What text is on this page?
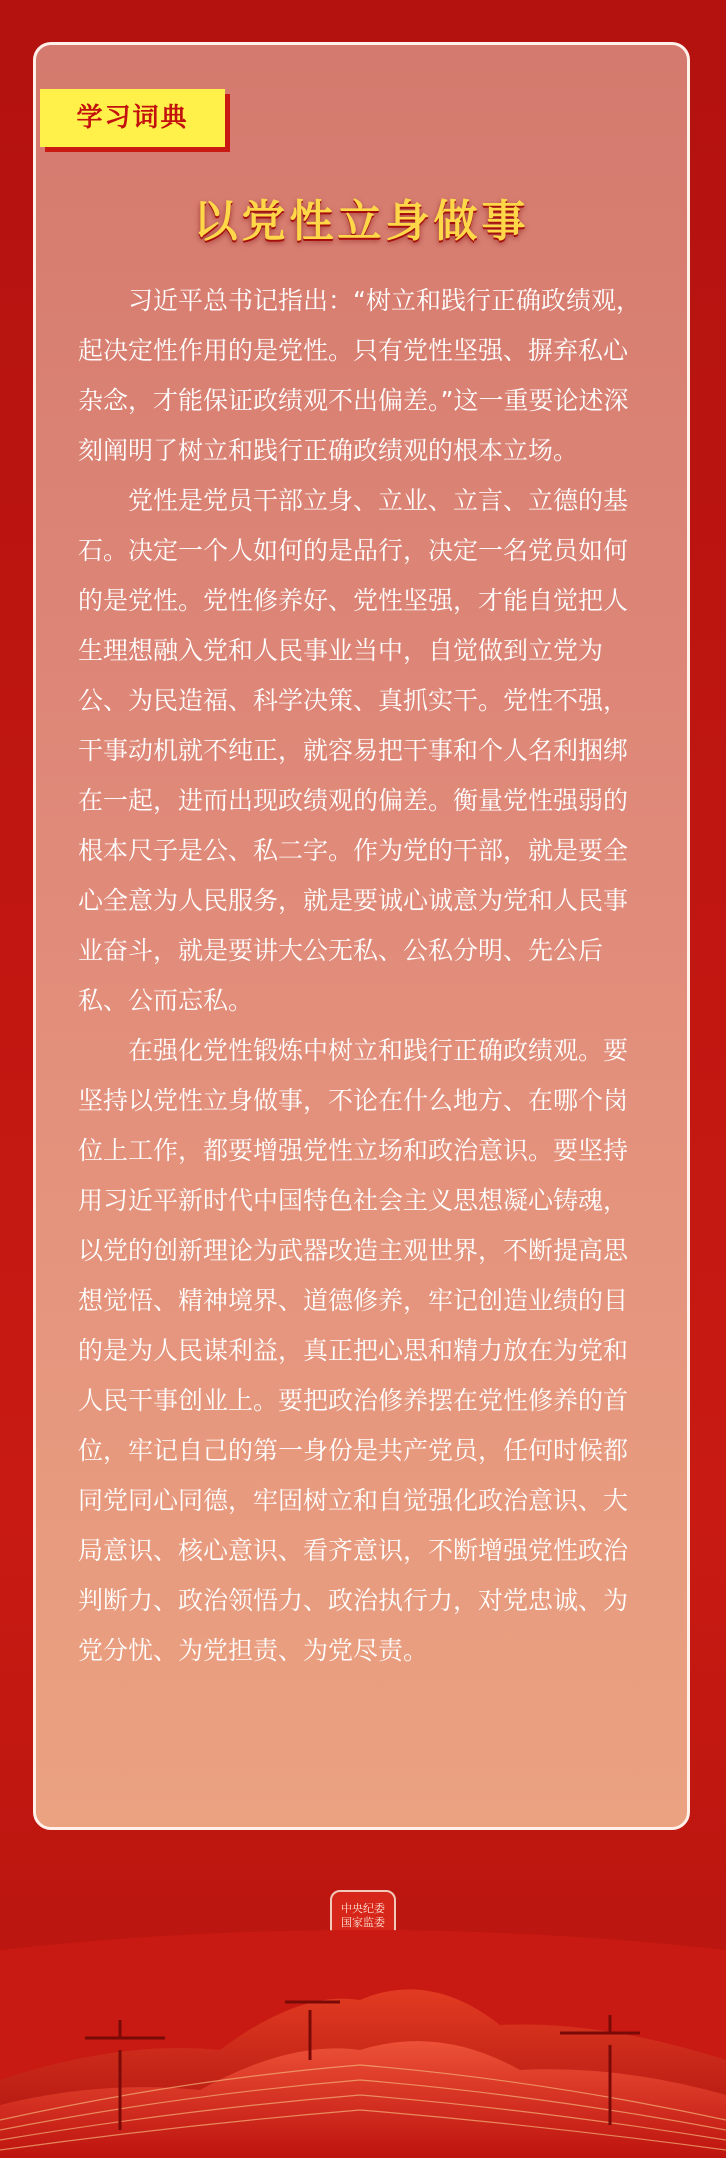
学习词典
以党性立身做事

习近平总书记指出：“树立和践行正确政绩观，起决定性作用的是党性。只有党性坚强、摒弃私心杂念，才能保证政绩观不出偏差。”这一重要论述深刻阐明了树立和践行正确政绩观的根本立场。

党性是党员干部立身、立业、立言、立德的基石。决定一个人如何的是品行，决定一名党员如何的是党性。党性修养好、党性坚强，才能自觉把人生理想融入党和人民事业当中，自觉做到立党为公、为民造福、科学决策、真抓实干。党性不强，干事动机就不纯正，就容易把干事和个人名利捆绑在一起，进而出现政绩观的偏差。衡量党性强弱的根本尺子是公、私二字。作为党的干部，就是要全心全意为人民服务，就是要诚心诚意为党和人民事业奋斗，就是要讲大公无私、公私分明、先公后私、公而忘私。

在强化党性锻炼中树立和践行正确政绩观。要坚持以党性立身做事，不论在什么地方、在哪个岗位上工作，都要增强党性立场和政治意识。要坚持用习近平新时代中国特色社会主义思想凝心铸魂，以党的创新理论为武器改造主观世界，不断提高思想觉悟、精神境界、道德修养，牢记创造业绩的目的是为人民谋利益，真正把心思和精力放在为党和人民干事创业上。要把政治修养摆在党性修养的首位，牢记自己的第一身份是共产党员，任何时候都同党同心同德，牢固树立和自觉强化政治意识、大局意识、核心意识、看齐意识，不断增强党性政治判断力、政治领悟力、政治执行力，对党忠诚、为党分忧、为党担责、为党尽责。

中央纪委
国家监委
